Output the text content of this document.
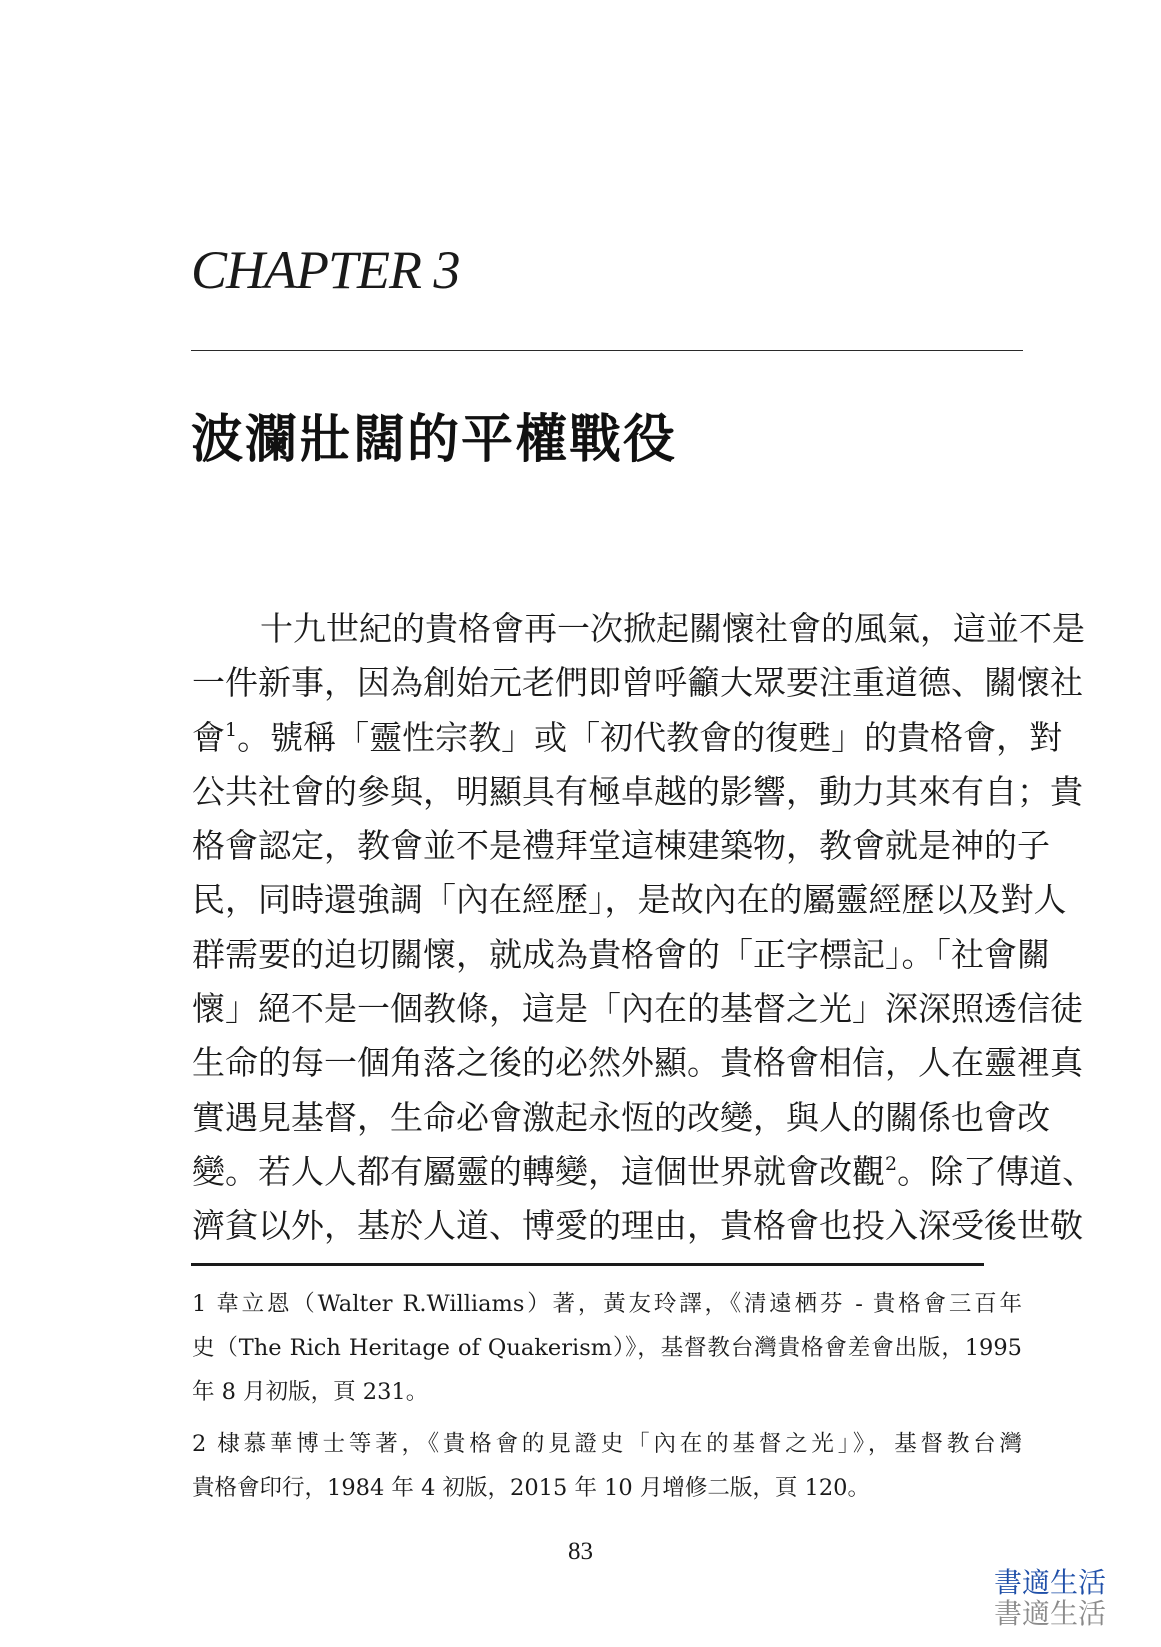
CHAPTER 3
波瀾壯闊的平權戰役
十九世紀的貴格會再一次掀起關懷社會的風氣，這並不是
一件新事，因為創始元老們即曾呼籲大眾要注重道德、關懷社
會$^1$。號稱「靈性宗教」或「初代教會的復甦」的貴格會，對
公共社會的參與，明顯具有極卓越的影響，動力其來有自；貴
格會認定，教會並不是禮拜堂這棟建築物，教會就是神的子
民，同時還強調「內在經歷」，是故內在的屬靈經歷以及對人
群需要的迫切關懷，就成為貴格會的「正字標記」。「社會關
懷」絕不是一個教條，這是「內在的基督之光」深深照透信徒
生命的每一個角落之後的必然外顯。貴格會相信，人在靈裡真
實遇見基督，生命必會激起永恆的改變，與人的關係也會改
變。若人人都有屬靈的轉變，這個世界就會改觀$^2$。除了傳道、
濟貧以外，基於人道、博愛的理由，貴格會也投入深受後世敬
1 韋立恩（Walter R.Williams）著，黃友玲譯，《清遠栖芬 - 貴格會三百年
史（The Rich Heritage of Quakerism）》，基督教台灣貴格會差會出版，1995
年 8 月初版，頁 231。
2 棣慕華博士等著，《貴格會的見證史「內在的基督之光」》，基督教台灣
貴格會印行，1984 年 4 初版，2015 年 10 月增修二版，頁 120。
83
書適生活
書適生活
